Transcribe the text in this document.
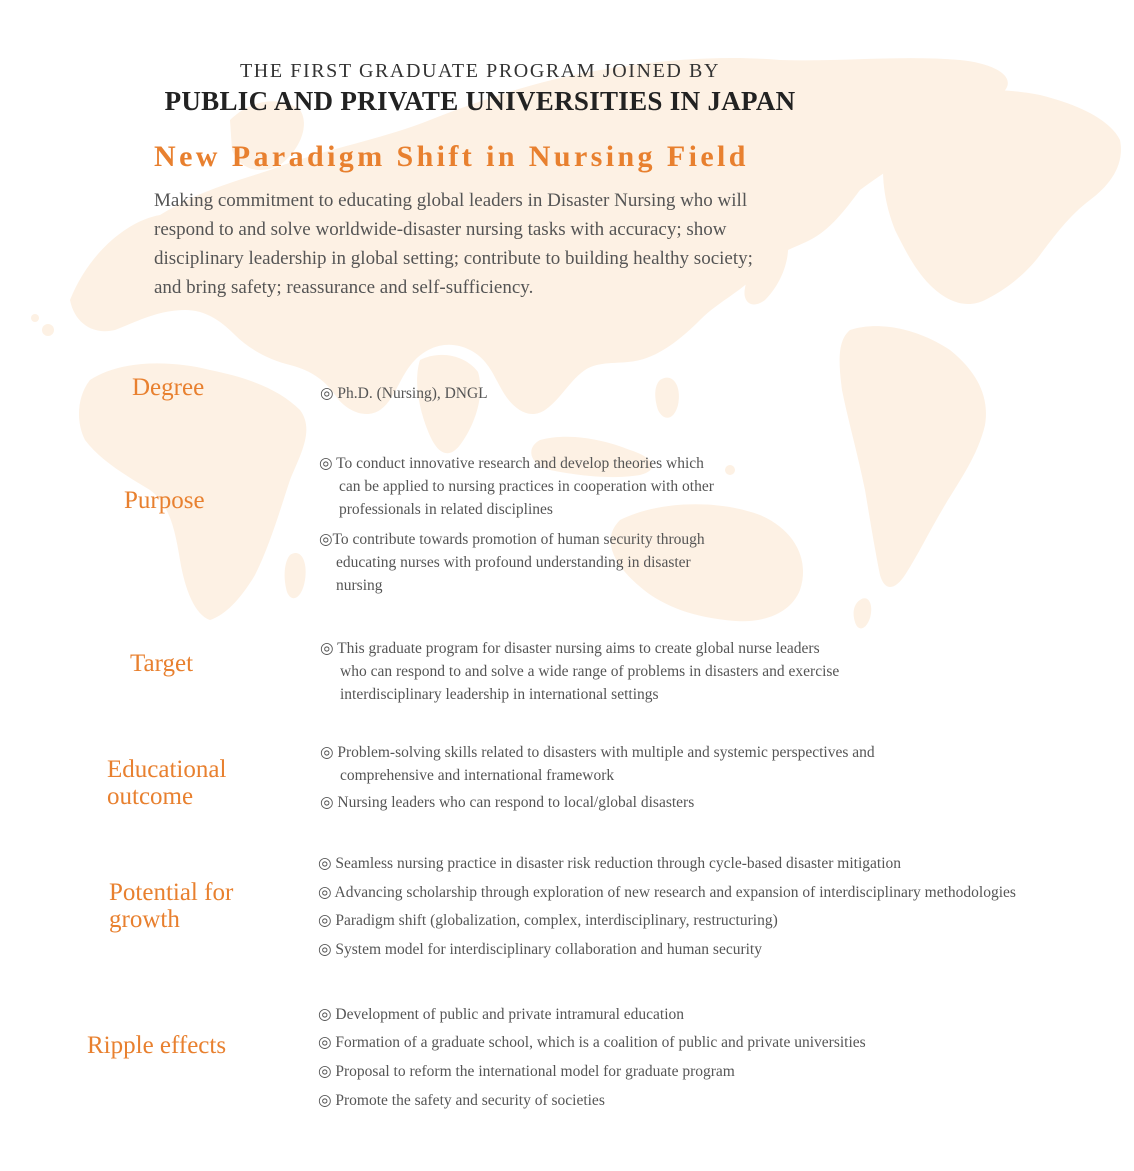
THE FIRST GRADUATE PROGRAM JOINED BY
PUBLIC AND PRIVATE UNIVERSITIES IN JAPAN
New Paradigm Shift in Nursing Field

Making commitment to educating global leaders in Disaster Nursing who will

respond to and solve worldwide-disaster nursing tasks with accuracy; show

disciplinary leadership in global setting; contribute to building healthy society;

and bring safety; reassurance and self-sufficiency.

Degree	◎ Ph.D. (Nursing), DNGL
Purpose
◎ To conduct innovative research and develop theories which
can be applied to nursing practices in cooperation with other
professionals in related disciplines
◎To contribute towards promotion of human security through
educating nurses with profound understanding in disaster
nursing
Target
◎ This graduate program for disaster nursing aims to create global nurse leaders
who can respond to and solve a wide range of problems in disasters and exercise
interdisciplinary leadership in international settings
Educational
outcome
◎ Problem-solving skills related to disasters with multiple and systemic perspectives and
comprehensive and international framework
◎ Nursing leaders who can respond to local/global disasters
Potential for
growth
◎ Seamless nursing practice in disaster risk reduction through cycle-based disaster mitigation
◎ Advancing scholarship through exploration of new research and expansion of interdisciplinary methodologies
◎ Paradigm shift (globalization, complex, interdisciplinary, restructuring)
◎ System model for interdisciplinary collaboration and human security
Ripple effects
◎ Development of public and private intramural education
◎ Formation of a graduate school, which is a coalition of public and private universities
◎ Proposal to reform the international model for graduate program
◎ Promote the safety and security of societies
